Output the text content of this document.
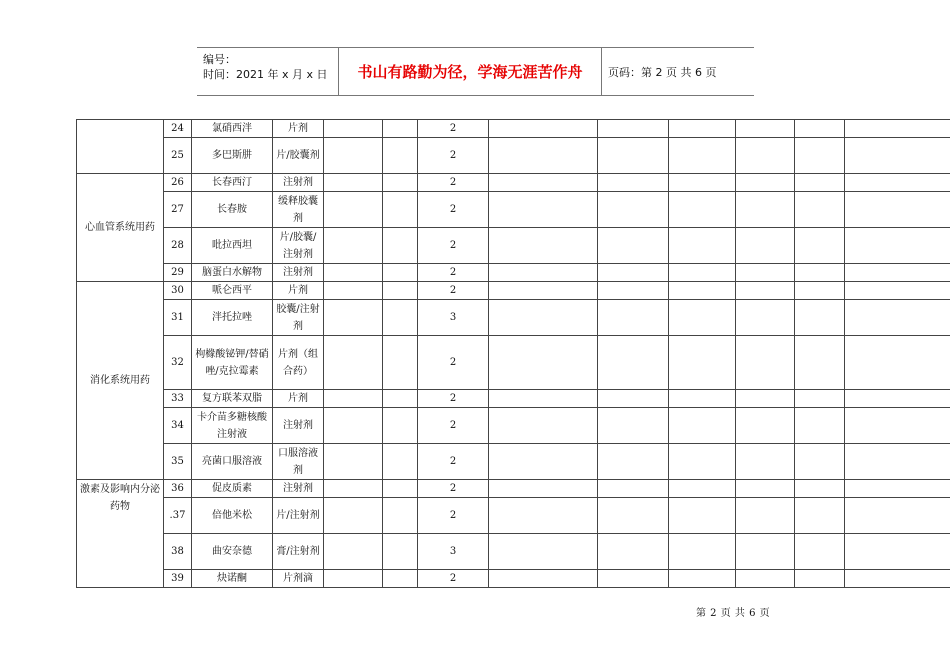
编号：
时间：2021 年 x 月 x 日	书山有路勤为径，学海无涯苦作舟	页码：第 2 页 共 6 页
	24	氯硝西泮	片剂			2						
	25	多巴斯肼	片/胶囊剂			2						
心血管系统用药	26	长春西汀	注射剂			2						
	27	长春胺	缓释胶囊剂			2						
	28	吡拉西坦	片/胶囊/注射剂			2						
	29	脑蛋白水解物	注射剂			2						
消化系统用药	30	哌仑西平	片剂			2						
	31	泮托拉唑	胶囊/注射剂			3						
	32	枸橼酸铋钾/替硝唑/克拉霉素	片剂（组合药）			2						
	33	复方联苯双脂	片剂			2						
	34	卡介苗多糖核酸注射液	注射剂			2						
	35	亮菌口服溶液	口服溶液剂			2						
激素及影响内分泌药物	36	促皮质素	注射剂			2						
	.37	倍他米松	片/注射剂			2						
	38	曲安奈德	膏/注射剂			3						
	39	炔诺酮	片剂滴			2						
第 2 页 共 6 页
